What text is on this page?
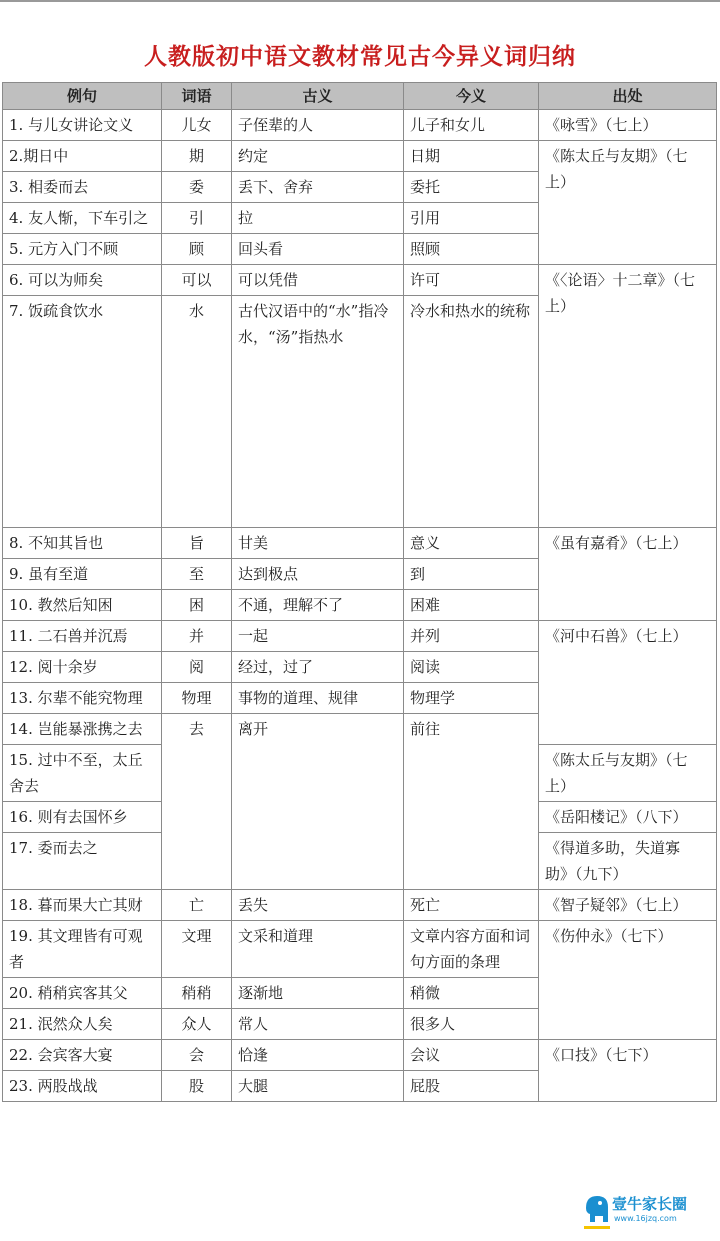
人教版初中语文教材常见古今异义词归纳
例句	词语	古义	今义	出处
1. 与儿女讲论文义	儿女	子侄辈的人	儿子和女儿	《咏雪》（七上）
2.期日中	期	约定	日期	《陈太丘与友期》（七上）
3. 相委而去	委	丢下、舍弃	委托	
4. 友人惭，下车引之	引	拉	引用	
5. 元方入门不顾	顾	回头看	照顾	
6. 可以为师矣	可以	可以凭借	许可	《〈论语〉十二章》（七上）
7. 饭疏食饮水	水	古代汉语中的“水”指冷水，“汤”指热水	冷水和热水的统称	
8. 不知其旨也	旨	甘美	意义	《虽有嘉肴》（七上）
9. 虽有至道	至	达到极点	到	
10. 教然后知困	困	不通，理解不了	困难	
11. 二石兽并沉焉	并	一起	并列	《河中石兽》（七上）
12. 阅十余岁	阅	经过，过了	阅读	
13. 尔辈不能究物理	物理	事物的道理、规律	物理学	
14. 岂能暴涨携之去	去	离开	前往	
15. 过中不至，太丘舍去				《陈太丘与友期》（七上）
16. 则有去国怀乡				《岳阳楼记》（八下）
17. 委而去之				《得道多助，失道寡助》（九下）
18. 暮而果大亡其财	亡	丢失	死亡	《智子疑邻》（七上）
19. 其文理皆有可观者	文理	文采和道理	文章内容方面和词句方面的条理	《伤仲永》（七下）
20. 稍稍宾客其父	稍稍	逐渐地	稍微	
21. 泯然众人矣	众人	常人	很多人	
22. 会宾客大宴	会	恰逢	会议	《口技》（七下）
23. 两股战战	股	大腿	屁股	
壹牛家长圈
www.16jzq.com
